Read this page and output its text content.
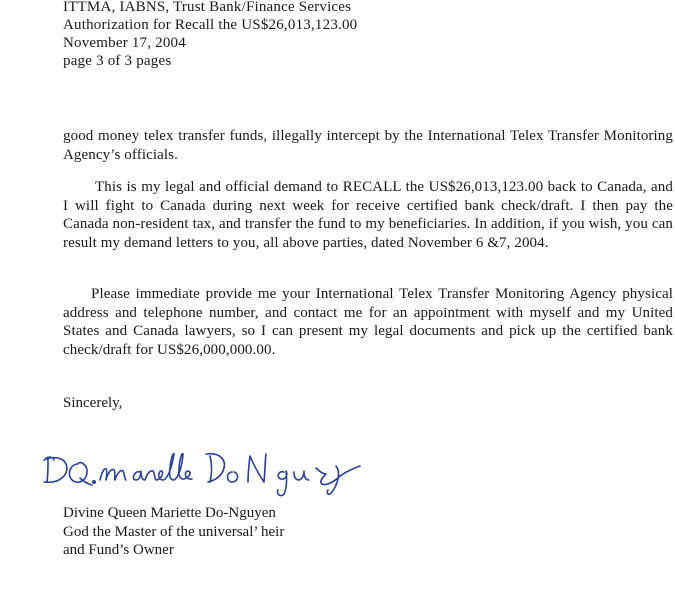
ITTMA, IABNS, Trust Bank/Finance Services
Authorization for Recall the US$26,013,123.00
November 17, 2004
page 3 of 3 pages

good money telex transfer funds, illegally intercept by the International Telex Transfer Monitoring Agency’s officials.

This is my legal and official demand to RECALL the US$26,013,123.00 back to Canada, and I will fight to Canada during next week for receive certified bank check/draft. I then pay the Canada non-resident tax, and transfer the fund to my beneficiaries. In addition, if you wish, you can result my demand letters to you, all above parties, dated November 6 &7, 2004.

Please immediate provide me your International Telex Transfer Monitoring Agency physical address and telephone number, and contact me for an appointment with myself and my United States and Canada lawyers, so I can present my legal documents and pick up the certified bank check/draft for US$26,000,000.00.

Sincerely,

Divine Queen Mariette Do-Nguyen
God the Master of the universal’ heir
and Fund’s Owner
